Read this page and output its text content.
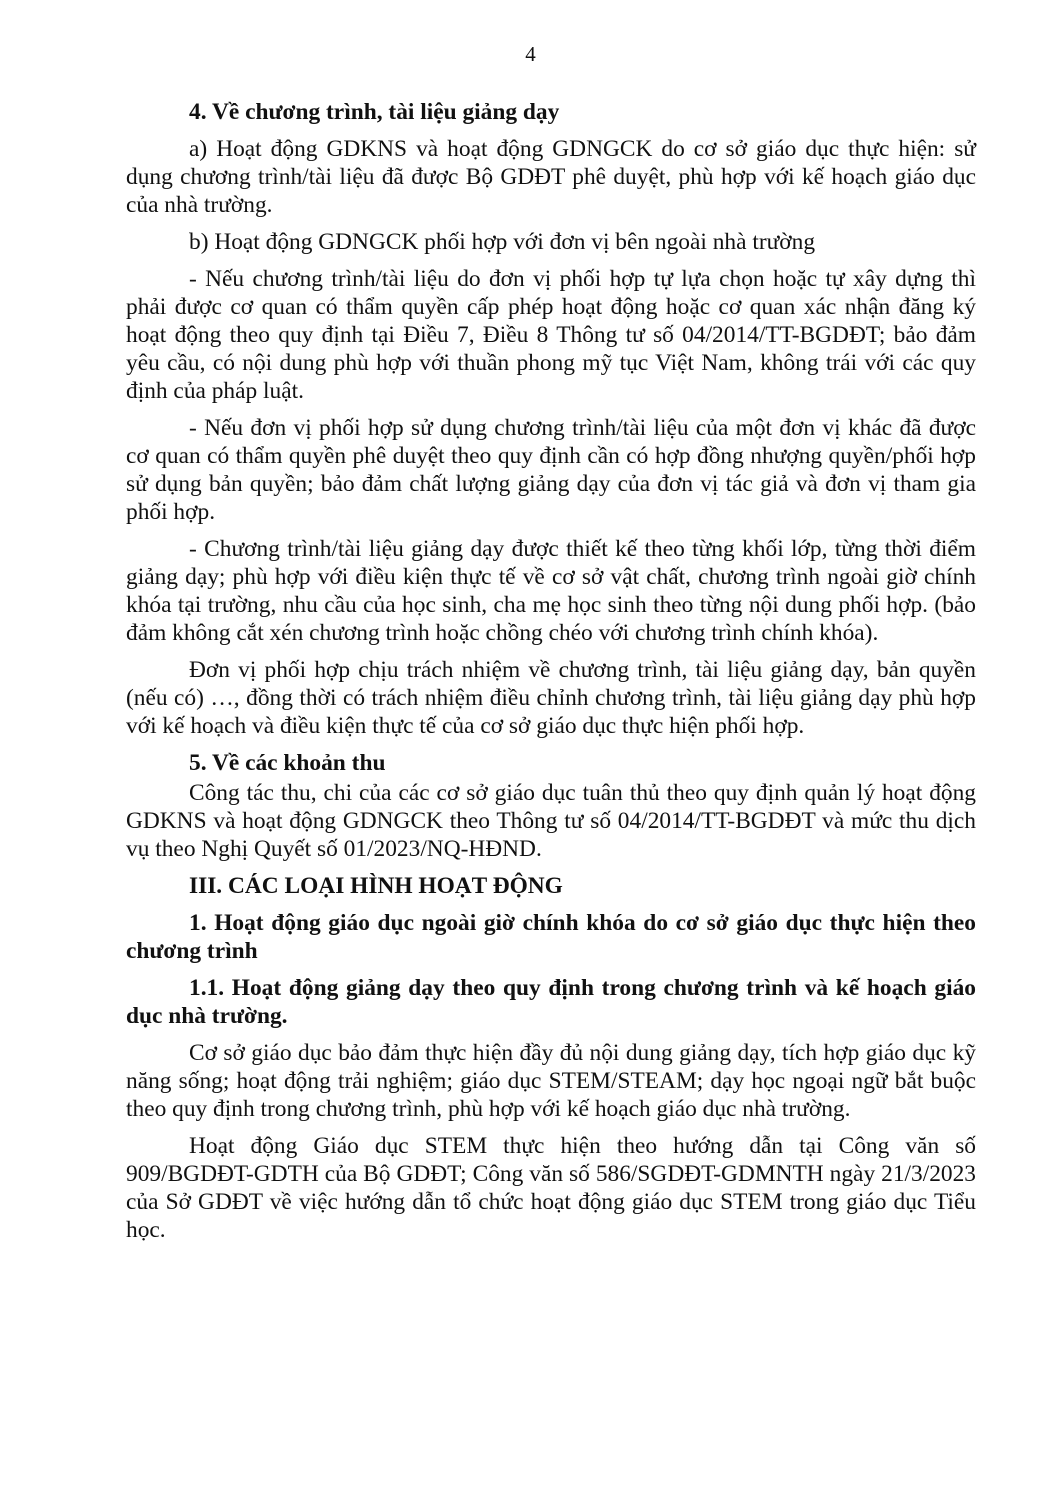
4

4. Về chương trình, tài liệu giảng dạy

a) Hoạt động GDKNS và hoạt động GDNGCK do cơ sở giáo dục thực hiện: sử dụng chương trình/tài liệu đã được Bộ GDĐT phê duyệt, phù hợp với kế hoạch giáo dục của nhà trường.

b) Hoạt động GDNGCK phối hợp với đơn vị bên ngoài nhà trường

- Nếu chương trình/tài liệu do đơn vị phối hợp tự lựa chọn hoặc tự xây dựng thì phải được cơ quan có thẩm quyền cấp phép hoạt động hoặc cơ quan xác nhận đăng ký hoạt động theo quy định tại Điều 7, Điều 8 Thông tư số 04/2014/TT-BGDĐT; bảo đảm yêu cầu, có nội dung phù hợp với thuần phong mỹ tục Việt Nam, không trái với các quy định của pháp luật.

- Nếu đơn vị phối hợp sử dụng chương trình/tài liệu của một đơn vị khác đã được cơ quan có thẩm quyền phê duyệt theo quy định cần có hợp đồng nhượng quyền/phối hợp sử dụng bản quyền; bảo đảm chất lượng giảng dạy của đơn vị tác giả và đơn vị tham gia phối hợp.

- Chương trình/tài liệu giảng dạy được thiết kế theo từng khối lớp, từng thời điểm giảng dạy; phù hợp với điều kiện thực tế về cơ sở vật chất, chương trình ngoài giờ chính khóa tại trường, nhu cầu của học sinh, cha mẹ học sinh theo từng nội dung phối hợp. (bảo đảm không cắt xén chương trình hoặc chồng chéo với chương trình chính khóa).

Đơn vị phối hợp chịu trách nhiệm về chương trình, tài liệu giảng dạy, bản quyền (nếu có) …, đồng thời có trách nhiệm điều chỉnh chương trình, tài liệu giảng dạy phù hợp với kế hoạch và điều kiện thực tế của cơ sở giáo dục thực hiện phối hợp.

5. Về các khoản thu

Công tác thu, chi của các cơ sở giáo dục tuân thủ theo quy định quản lý hoạt động GDKNS và hoạt động GDNGCK theo Thông tư số 04/2014/TT-BGDĐT và mức thu dịch vụ theo Nghị Quyết số 01/2023/NQ-HĐND.

III. CÁC LOẠI HÌNH HOẠT ĐỘNG

1. Hoạt động giáo dục ngoài giờ chính khóa do cơ sở giáo dục thực hiện theo chương trình

1.1. Hoạt động giảng dạy theo quy định trong chương trình và kế hoạch giáo dục nhà trường.

Cơ sở giáo dục bảo đảm thực hiện đầy đủ nội dung giảng dạy, tích hợp giáo dục kỹ năng sống; hoạt động trải nghiệm; giáo dục STEM/STEAM; dạy học ngoại ngữ bắt buộc theo quy định trong chương trình, phù hợp với kế hoạch giáo dục nhà trường.

Hoạt động Giáo dục STEM thực hiện theo hướng dẫn tại Công văn số 909/BGDĐT-GDTH của Bộ GDĐT; Công văn số 586/SGDĐT-GDMNTH ngày 21/3/2023 của Sở GDĐT về việc hướng dẫn tổ chức hoạt động giáo dục STEM trong giáo dục Tiểu học.
